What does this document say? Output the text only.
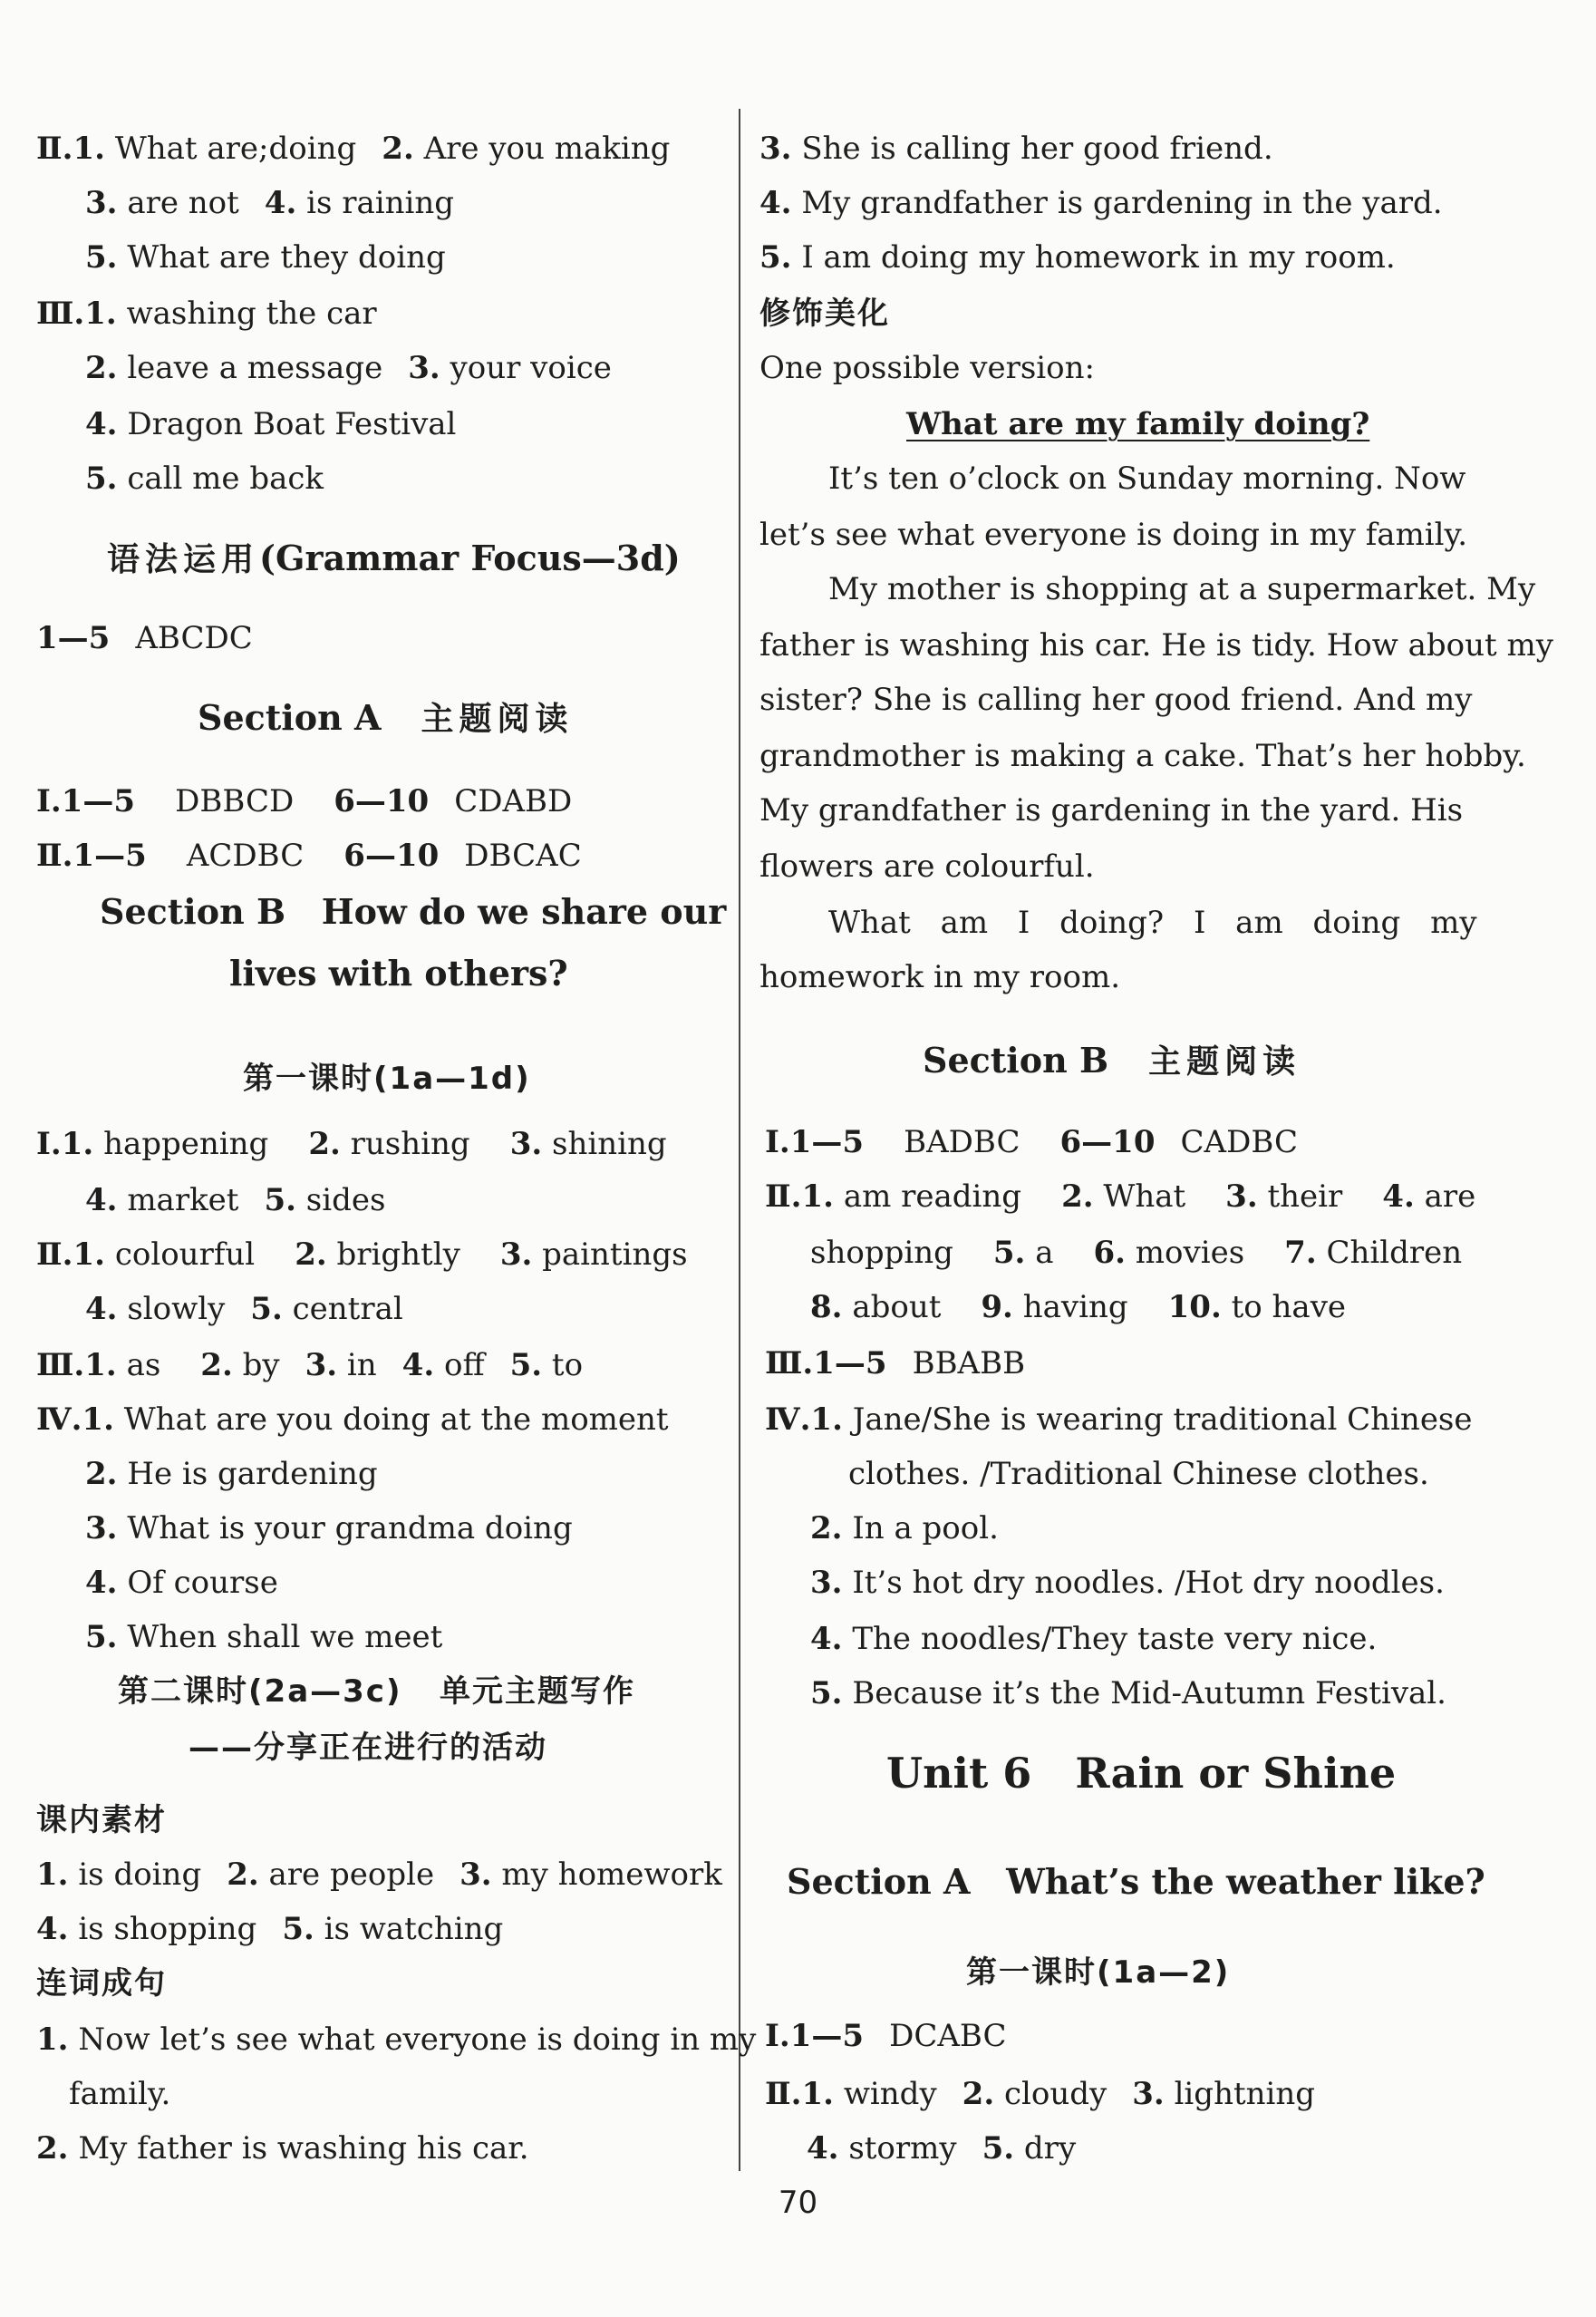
Ⅱ.1. What are;doing 2. Are you making
3. are not 4. is raining
5. What are they doing
Ⅲ.1. washing the car
2. leave a message 3. your voice
4. Dragon Boat Festival
5. call me back
语法运用(Grammar Focus—3d)
1—5 ABCDC
Section A 主题阅读
Ⅰ.1—5 DBBCD 6—10 CDABD
Ⅱ.1—5 ACDBC 6—10 DBCAC
Section B   How do we share our
lives with others?
第一课时(1a—1d)
Ⅰ.1. happening 2. rushing 3. shining
4. market 5. sides
Ⅱ.1. colourful 2. brightly 3. paintings
4. slowly 5. central
Ⅲ.1. as 2. by 3. in 4. off 5. to
Ⅳ.1. What are you doing at the moment
2. He is gardening
3. What is your grandma doing
4. Of course
5. When shall we meet
第二课时(2a—3c)   单元主题写作
——分享正在进行的活动
课内素材
1. is doing 2. are people 3. my homework
4. is shopping 5. is watching
连词成句
1. Now let’s see what everyone is doing in my
family.
2. My father is washing his car.
3. She is calling her good friend.
4. My grandfather is gardening in the yard.
5. I am doing my homework in my room.
修饰美化
One possible version:
What are my family doing?
It’s ten o’clock on Sunday morning. Now
let’s see what everyone is doing in my family.
My mother is shopping at a supermarket. My
father is washing his car. He is tidy. How about my
sister? She is calling her good friend. And my
grandmother is making a cake. That’s her hobby.
My grandfather is gardening in the yard. His
flowers are colourful.
What am I doing? I am doing my
homework in my room.
Section B 主题阅读
Ⅰ.1—5 BADBC 6—10 CADBC
Ⅱ.1. am reading 2. What 3. their 4. are
shopping 5. a 6. movies 7. Children
8. about 9. having 10. to have
Ⅲ.1—5 BBABB
Ⅳ.1. Jane/She is wearing traditional Chinese
clothes. /Traditional Chinese clothes.
2. In a pool.
3. It’s hot dry noodles. /Hot dry noodles.
4. The noodles/They taste very nice.
5. Because it’s the Mid-Autumn Festival.
Unit 6   Rain or Shine
Section A   What’s the weather like?
第一课时(1a—2)
Ⅰ.1—5 DCABC
Ⅱ.1. windy 2. cloudy 3. lightning
4. stormy 5. dry
70
